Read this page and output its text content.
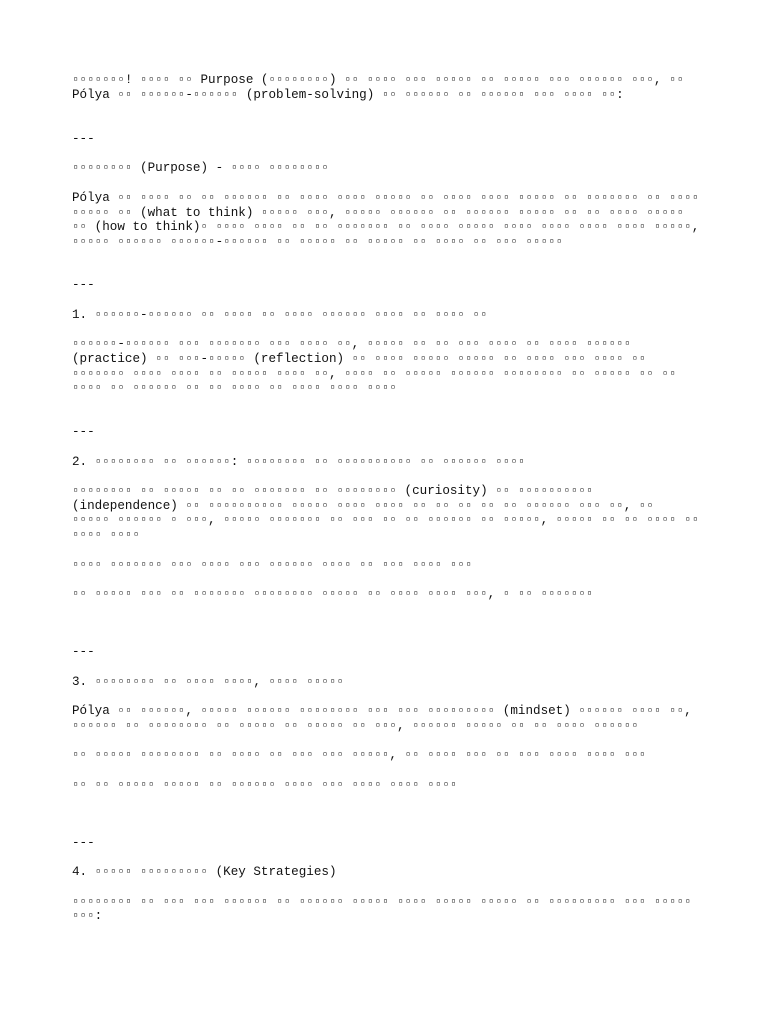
▫▫▫▫▫▫▫! ▫▫▫▫ ▫▫ Purpose (▫▫▫▫▫▫▫▫) ▫▫ ▫▫▫▫ ▫▫▫ ▫▫▫▫▫ ▫▫ ▫▫▫▫▫ ▫▫▫ ▫▫▫▫▫▫ ▫▫▫, ▫▫
Pólya ▫▫ ▫▫▫▫▫▫-▫▫▫▫▫▫ (problem-solving) ▫▫ ▫▫▫▫▫▫ ▫▫ ▫▫▫▫▫▫ ▫▫▫ ▫▫▫▫ ▫▫:
---
▫▫▫▫▫▫▫▫ (Purpose) - ▫▫▫▫ ▫▫▫▫▫▫▫▫
Pólya ▫▫ ▫▫▫▫ ▫▫ ▫▫ ▫▫▫▫▫▫ ▫▫ ▫▫▫▫ ▫▫▫▫ ▫▫▫▫▫ ▫▫ ▫▫▫▫ ▫▫▫▫ ▫▫▫▫▫ ▫▫ ▫▫▫▫▫▫▫ ▫▫ ▫▫▫▫
▫▫▫▫▫ ▫▫ (what to think) ▫▫▫▫▫ ▫▫▫, ▫▫▫▫▫ ▫▫▫▫▫▫ ▫▫ ▫▫▫▫▫▫ ▫▫▫▫▫ ▫▫ ▫▫ ▫▫▫▫ ▫▫▫▫▫
▫▫ (how to think)▫ ▫▫▫▫ ▫▫▫▫ ▫▫ ▫▫ ▫▫▫▫▫▫▫ ▫▫ ▫▫▫▫ ▫▫▫▫▫ ▫▫▫▫ ▫▫▫▫ ▫▫▫▫ ▫▫▫▫ ▫▫▫▫▫,
▫▫▫▫▫ ▫▫▫▫▫▫ ▫▫▫▫▫▫-▫▫▫▫▫▫ ▫▫ ▫▫▫▫▫ ▫▫ ▫▫▫▫▫ ▫▫ ▫▫▫▫ ▫▫ ▫▫▫ ▫▫▫▫▫
---
1. ▫▫▫▫▫▫-▫▫▫▫▫▫ ▫▫ ▫▫▫▫ ▫▫ ▫▫▫▫ ▫▫▫▫▫▫ ▫▫▫▫ ▫▫ ▫▫▫▫ ▫▫
▫▫▫▫▫▫-▫▫▫▫▫▫ ▫▫▫ ▫▫▫▫▫▫▫ ▫▫▫ ▫▫▫▫ ▫▫, ▫▫▫▫▫ ▫▫ ▫▫ ▫▫▫ ▫▫▫▫ ▫▫ ▫▫▫▫ ▫▫▫▫▫▫
(practice) ▫▫ ▫▫▫-▫▫▫▫▫ (reflection) ▫▫ ▫▫▫▫ ▫▫▫▫▫ ▫▫▫▫▫ ▫▫ ▫▫▫▫ ▫▫▫ ▫▫▫▫ ▫▫
▫▫▫▫▫▫▫ ▫▫▫▫ ▫▫▫▫ ▫▫ ▫▫▫▫▫ ▫▫▫▫ ▫▫, ▫▫▫▫ ▫▫ ▫▫▫▫▫ ▫▫▫▫▫▫ ▫▫▫▫▫▫▫▫ ▫▫ ▫▫▫▫▫ ▫▫ ▫▫
▫▫▫▫ ▫▫ ▫▫▫▫▫▫ ▫▫ ▫▫ ▫▫▫▫ ▫▫ ▫▫▫▫ ▫▫▫▫ ▫▫▫▫
---
2. ▫▫▫▫▫▫▫▫ ▫▫ ▫▫▫▫▫▫: ▫▫▫▫▫▫▫▫ ▫▫ ▫▫▫▫▫▫▫▫▫▫ ▫▫ ▫▫▫▫▫▫ ▫▫▫▫
▫▫▫▫▫▫▫▫ ▫▫ ▫▫▫▫▫ ▫▫ ▫▫ ▫▫▫▫▫▫▫ ▫▫ ▫▫▫▫▫▫▫▫ (curiosity) ▫▫ ▫▫▫▫▫▫▫▫▫▫
(independence) ▫▫ ▫▫▫▫▫▫▫▫▫▫ ▫▫▫▫▫ ▫▫▫▫ ▫▫▫▫ ▫▫ ▫▫ ▫▫ ▫▫ ▫▫ ▫▫▫▫▫▫ ▫▫▫ ▫▫, ▫▫
▫▫▫▫▫ ▫▫▫▫▫▫ ▫ ▫▫▫, ▫▫▫▫▫ ▫▫▫▫▫▫▫ ▫▫ ▫▫▫ ▫▫ ▫▫ ▫▫▫▫▫▫ ▫▫ ▫▫▫▫▫, ▫▫▫▫▫ ▫▫ ▫▫ ▫▫▫▫ ▫▫
▫▫▫▫ ▫▫▫▫
▫▫▫▫ ▫▫▫▫▫▫▫ ▫▫▫ ▫▫▫▫ ▫▫▫ ▫▫▫▫▫▫ ▫▫▫▫ ▫▫ ▫▫▫ ▫▫▫▫ ▫▫▫
▫▫ ▫▫▫▫▫ ▫▫▫ ▫▫ ▫▫▫▫▫▫▫ ▫▫▫▫▫▫▫▫ ▫▫▫▫▫ ▫▫ ▫▫▫▫ ▫▫▫▫ ▫▫▫, ▫ ▫▫ ▫▫▫▫▫▫▫
---
3. ▫▫▫▫▫▫▫▫ ▫▫ ▫▫▫▫ ▫▫▫▫, ▫▫▫▫ ▫▫▫▫▫
Pólya ▫▫ ▫▫▫▫▫▫, ▫▫▫▫▫ ▫▫▫▫▫▫ ▫▫▫▫▫▫▫▫ ▫▫▫ ▫▫▫ ▫▫▫▫▫▫▫▫▫ (mindset) ▫▫▫▫▫▫ ▫▫▫▫ ▫▫,
▫▫▫▫▫▫ ▫▫ ▫▫▫▫▫▫▫▫ ▫▫ ▫▫▫▫▫ ▫▫ ▫▫▫▫▫ ▫▫ ▫▫▫, ▫▫▫▫▫▫ ▫▫▫▫▫ ▫▫ ▫▫ ▫▫▫▫ ▫▫▫▫▫▫
▫▫ ▫▫▫▫▫ ▫▫▫▫▫▫▫▫ ▫▫ ▫▫▫▫ ▫▫ ▫▫▫ ▫▫▫ ▫▫▫▫▫, ▫▫ ▫▫▫▫ ▫▫▫ ▫▫ ▫▫▫ ▫▫▫▫ ▫▫▫▫ ▫▫▫
▫▫ ▫▫ ▫▫▫▫▫ ▫▫▫▫▫ ▫▫ ▫▫▫▫▫▫ ▫▫▫▫ ▫▫▫ ▫▫▫▫ ▫▫▫▫ ▫▫▫▫
---
4. ▫▫▫▫▫ ▫▫▫▫▫▫▫▫▫ (Key Strategies)
▫▫▫▫▫▫▫▫ ▫▫ ▫▫▫ ▫▫▫ ▫▫▫▫▫▫ ▫▫ ▫▫▫▫▫▫ ▫▫▫▫▫ ▫▫▫▫ ▫▫▫▫▫ ▫▫▫▫▫ ▫▫ ▫▫▫▫▫▫▫▫▫ ▫▫▫ ▫▫▫▫▫
▫▫▫:
